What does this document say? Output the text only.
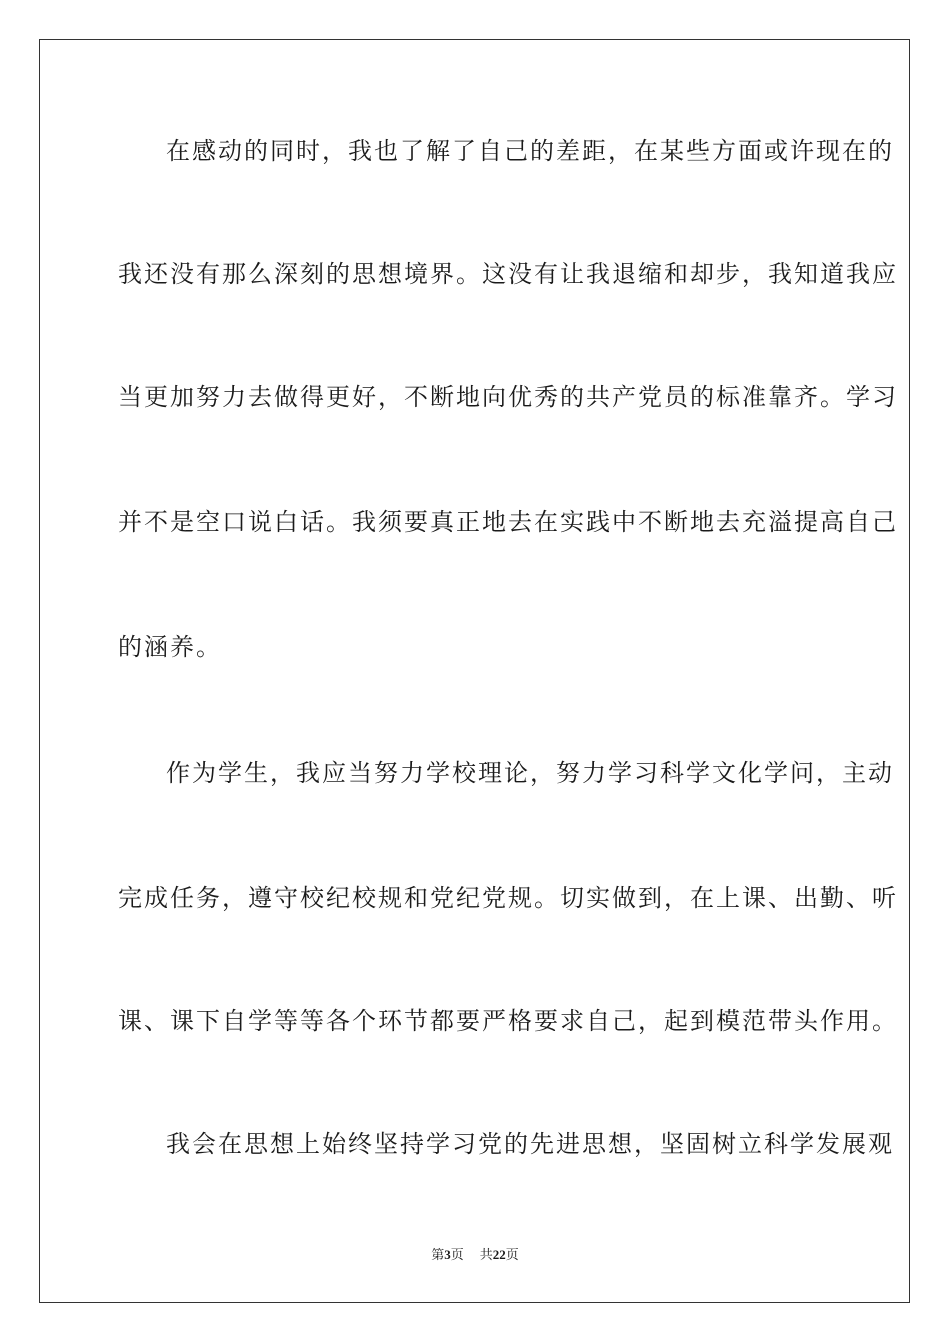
在感动的同时，我也了解了自己的差距，在某些方面或许现在的
我还没有那么深刻的思想境界。这没有让我退缩和却步，我知道我应
当更加努力去做得更好，不断地向优秀的共产党员的标准靠齐。学习
并不是空口说白话。我须要真正地去在实践中不断地去充溢提高自己
的涵养。
作为学生，我应当努力学校理论，努力学习科学文化学问，主动
完成任务，遵守校纪校规和党纪党规。切实做到，在上课、出勤、听
课、课下自学等等各个环节都要严格要求自己，起到模范带头作用。
我会在思想上始终坚持学习党的先进思想，坚固树立科学发展观
第3页 共22页
